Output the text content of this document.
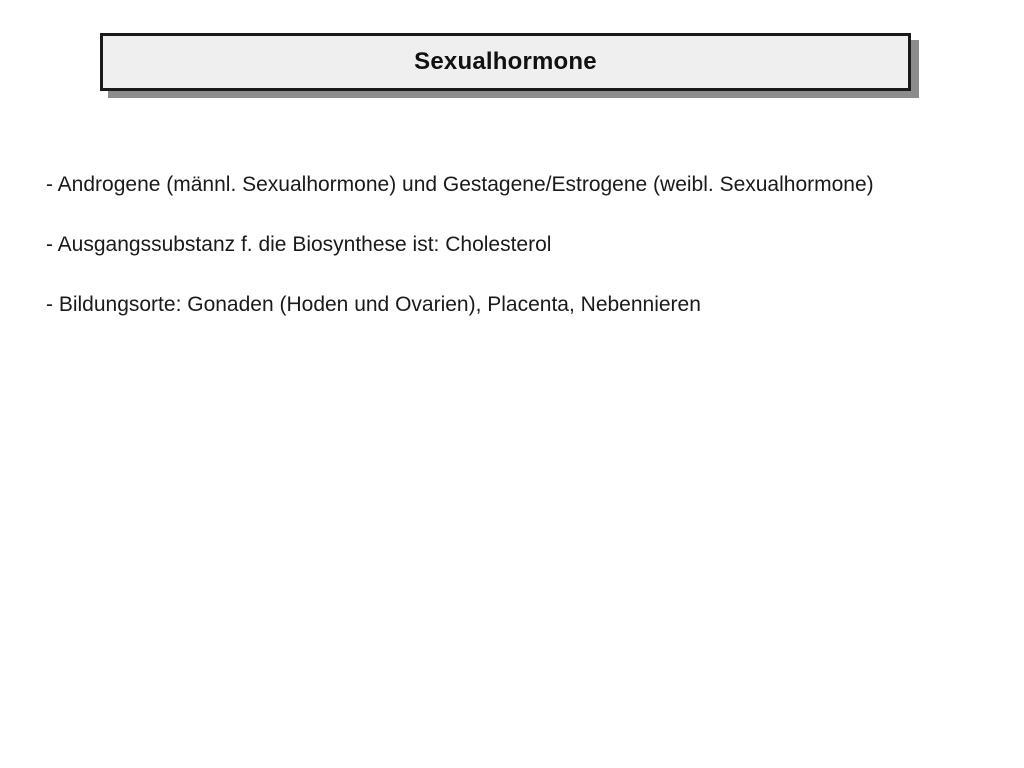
Sexualhormone

- Androgene (männl. Sexualhormone) und Gestagene/Estrogene (weibl. Sexualhormone)

- Ausgangssubstanz f. die Biosynthese ist: Cholesterol

- Bildungsorte: Gonaden (Hoden und Ovarien), Placenta, Nebennieren
